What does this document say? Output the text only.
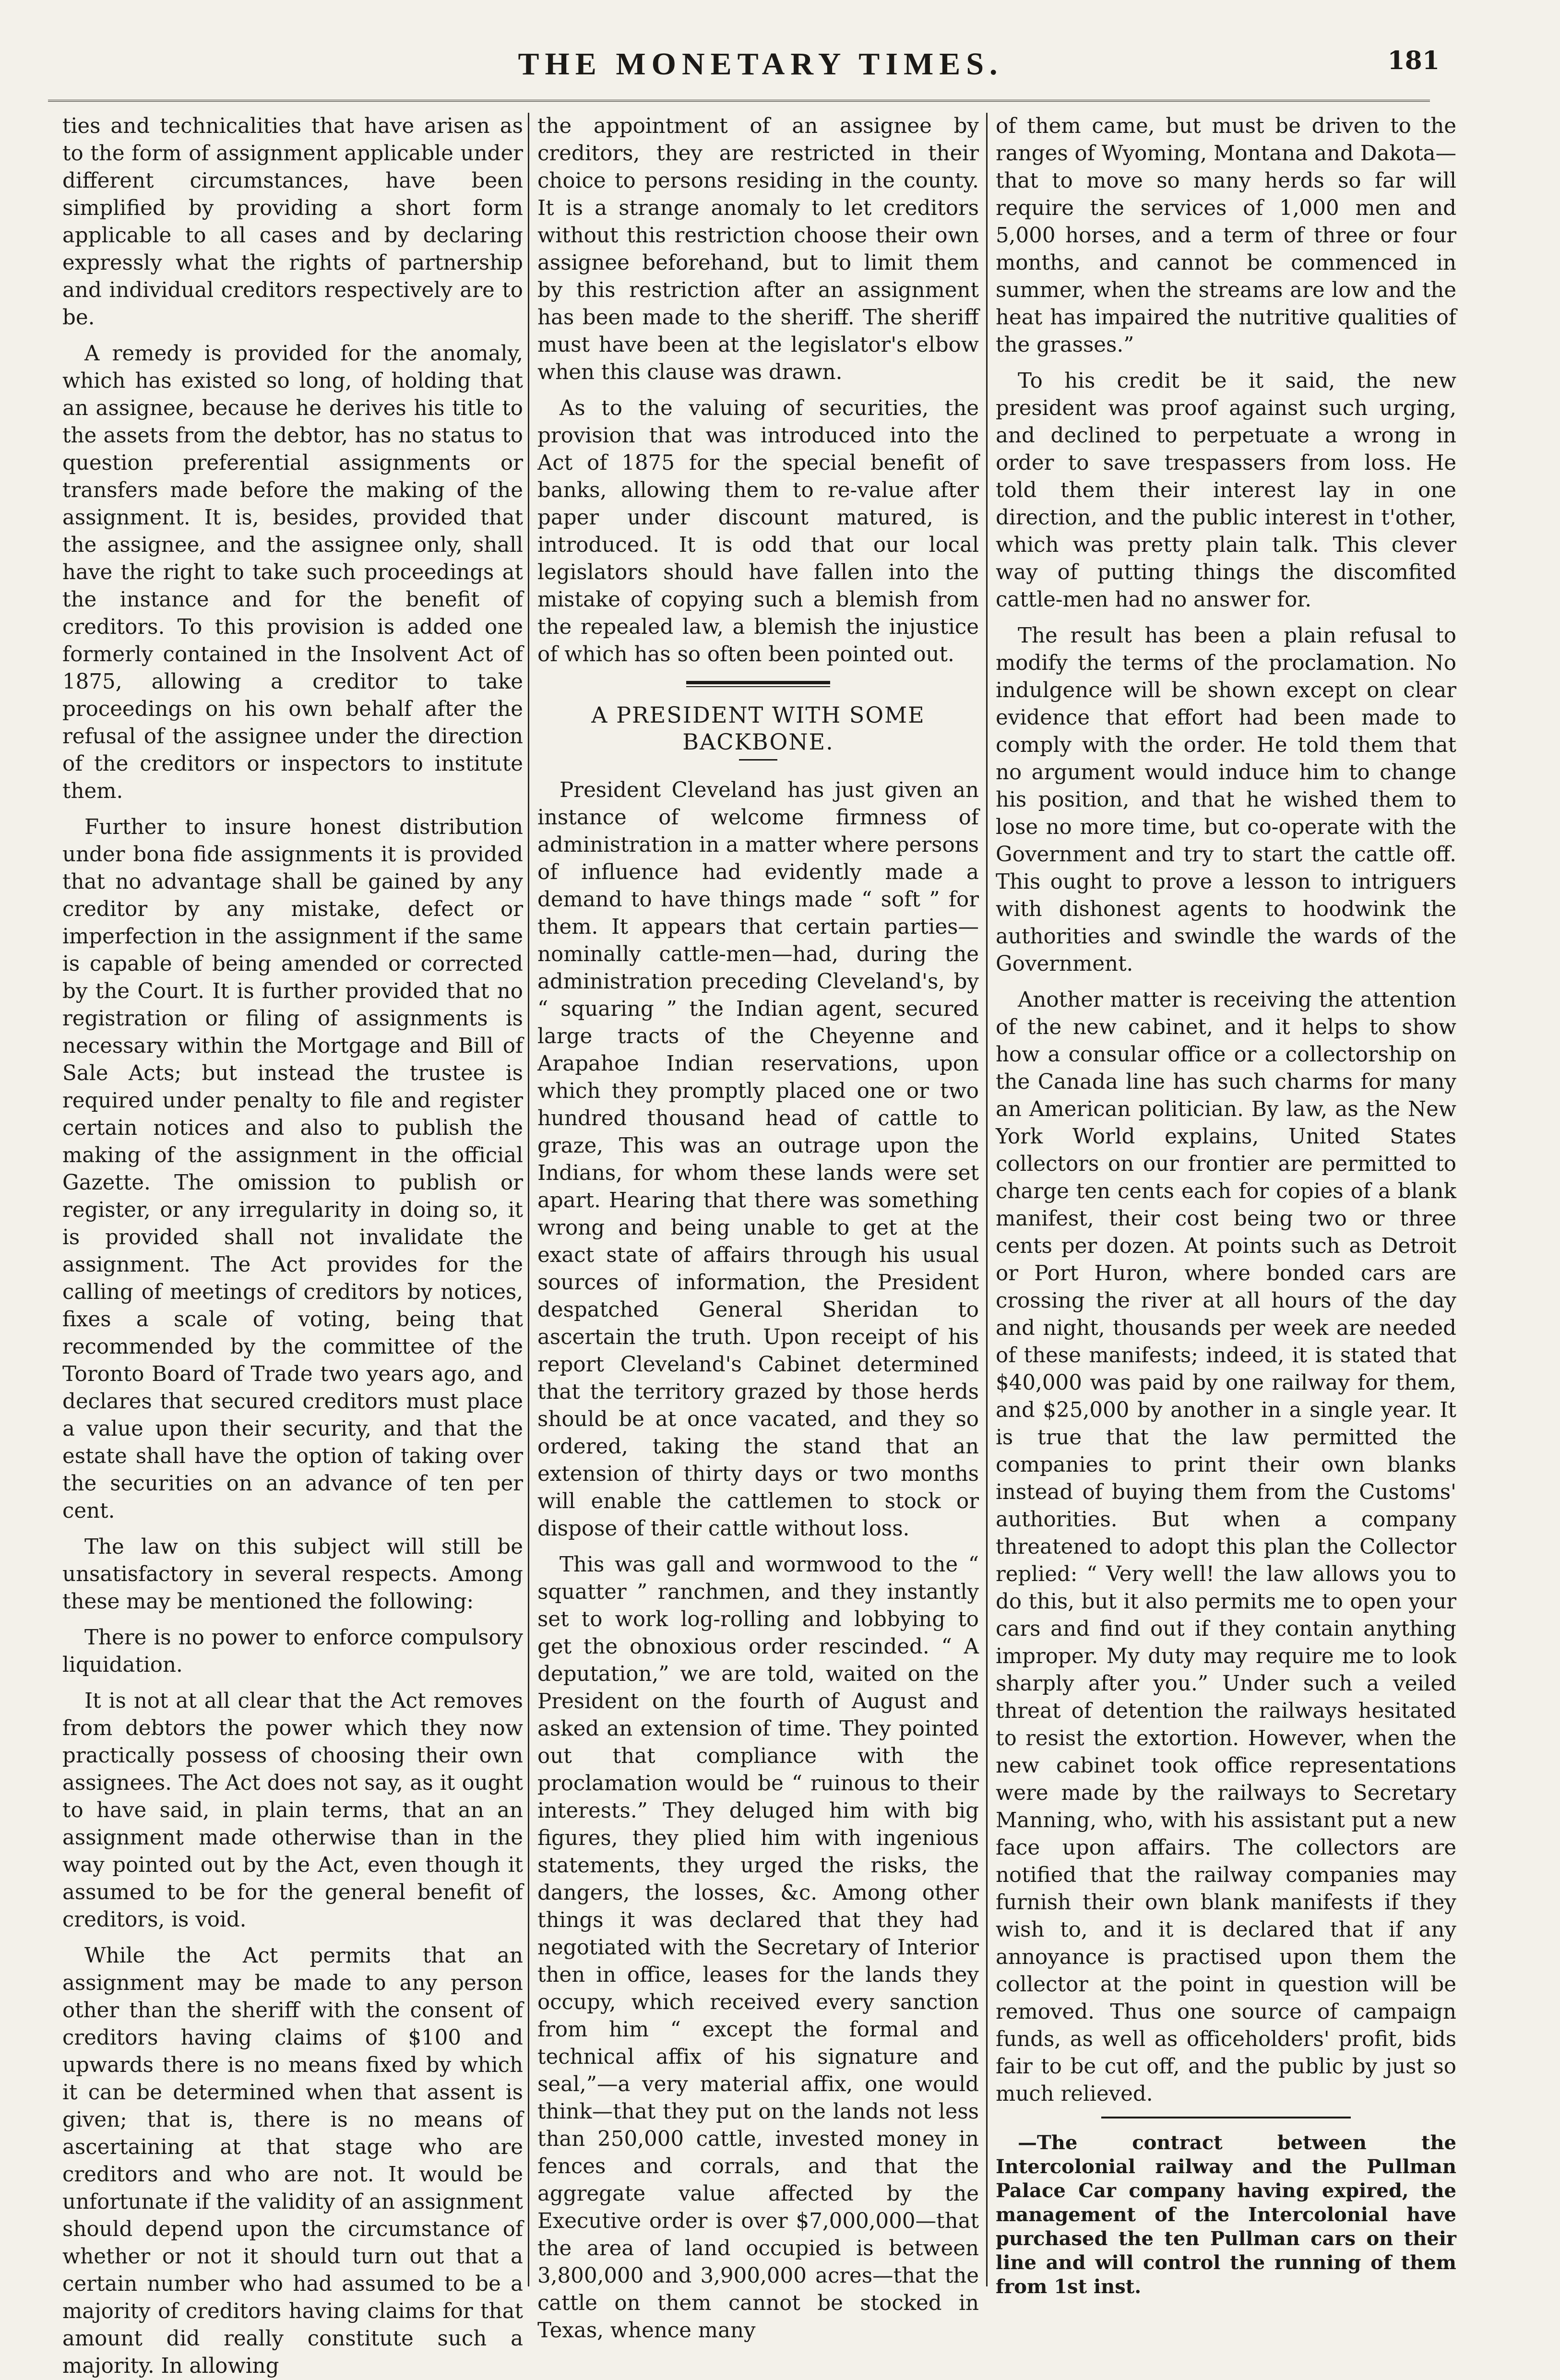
THE MONETARY TIMES.	181

ties and technicalities that have arisen as to the form of assignment applicable under different circumstances, have been simplified by providing a short form applicable to all cases and by declaring expressly what the rights of partnership and individual creditors respectively are to be.

A remedy is provided for the anomaly, which has existed so long, of holding that an assignee, because he derives his title to the assets from the debtor, has no status to question preferential assignments or transfers made before the making of the assignment. It is, besides, provided that the assignee, and the assignee only, shall have the right to take such proceedings at the instance and for the benefit of creditors. To this provision is added one formerly contained in the Insolvent Act of 1875, allowing a creditor to take proceedings on his own behalf after the refusal of the assignee under the direction of the creditors or inspectors to institute them.

Further to insure honest distribution under bona fide assignments it is provided that no advantage shall be gained by any creditor by any mistake, defect or imperfection in the assignment if the same is capable of being amended or corrected by the Court. It is further provided that no registration or filing of assignments is necessary within the Mortgage and Bill of Sale Acts; but instead the trustee is required under penalty to file and register certain notices and also to publish the making of the assignment in the official Gazette. The omission to publish or register, or any irregularity in doing so, it is provided shall not invalidate the assignment. The Act provides for the calling of meetings of creditors by notices, fixes a scale of voting, being that recommended by the committee of the Toronto Board of Trade two years ago, and declares that secured creditors must place a value upon their security, and that the estate shall have the option of taking over the securities on an advance of ten per cent.

The law on this subject will still be unsatisfactory in several respects. Among these may be mentioned the following:

There is no power to enforce compulsory liquidation.

It is not at all clear that the Act removes from debtors the power which they now practically possess of choosing their own assignees. The Act does not say, as it ought to have said, in plain terms, that an an assignment made otherwise than in the way pointed out by the Act, even though it assumed to be for the general benefit of creditors, is void.

While the Act permits that an assignment may be made to any person other than the sheriff with the consent of creditors having claims of $100 and upwards there is no means fixed by which it can be determined when that assent is given; that is, there is no means of ascertaining at that stage who are creditors and who are not. It would be unfortunate if the validity of an assignment should depend upon the circumstance of whether or not it should turn out that a certain number who had assumed to be a majority of creditors having claims for that amount did really constitute such a majority. In allowing

the appointment of an assignee by creditors, they are restricted in their choice to persons residing in the county. It is a strange anomaly to let creditors without this restriction choose their own assignee beforehand, but to limit them by this restriction after an assignment has been made to the sheriff. The sheriff must have been at the legislator's elbow when this clause was drawn.

As to the valuing of securities, the provision that was introduced into the Act of 1875 for the special benefit of banks, allowing them to re-value after paper under discount matured, is introduced. It is odd that our local legislators should have fallen into the mistake of copying such a blemish from the repealed law, a blemish the injustice of which has so often been pointed out.

A PRESIDENT WITH SOME BACKBONE.

President Cleveland has just given an instance of welcome firmness of administration in a matter where persons of influence had evidently made a demand to have things made “ soft ” for them. It appears that certain parties—nominally cattle-men—had, during the administration preceding Cleveland's, by “ squaring ” the Indian agent, secured large tracts of the Cheyenne and Arapahoe Indian reservations, upon which they promptly placed one or two hundred thousand head of cattle to graze, This was an outrage upon the Indians, for whom these lands were set apart. Hearing that there was something wrong and being unable to get at the exact state of affairs through his usual sources of information, the President despatched General Sheridan to ascertain the truth. Upon receipt of his report Cleveland's Cabinet determined that the territory grazed by those herds should be at once vacated, and they so ordered, taking the stand that an extension of thirty days or two months will enable the cattlemen to stock or dispose of their cattle without loss.

This was gall and wormwood to the “ squatter ” ranchmen, and they instantly set to work log-rolling and lobbying to get the obnoxious order rescinded. “ A deputation,” we are told, waited on the President on the fourth of August and asked an extension of time. They pointed out that compliance with the proclamation would be “ ruinous to their interests.” They deluged him with big figures, they plied him with ingenious statements, they urged the risks, the dangers, the losses, &c. Among other things it was declared that they had negotiated with the Secretary of Interior then in office, leases for the lands they occupy, which received every sanction from him “ except the formal and technical affix of his signature and seal,”—a very material affix, one would think—that they put on the lands not less than 250,000 cattle, invested money in fences and corrals, and that the aggregate value affected by the Executive order is over $7,000,000—that the area of land occupied is between 3,800,000 and 3,900,000 acres—that the cattle on them cannot be stocked in Texas, whence many

of them came, but must be driven to the ranges of Wyoming, Montana and Dakota—that to move so many herds so far will require the services of 1,000 men and 5,000 horses, and a term of three or four months, and cannot be commenced in summer, when the streams are low and the heat has impaired the nutritive qualities of the grasses.”

To his credit be it said, the new president was proof against such urging, and declined to perpetuate a wrong in order to save trespassers from loss. He told them their interest lay in one direction, and the public interest in t'other, which was pretty plain talk. This clever way of putting things the discomfited cattle-men had no answer for.

The result has been a plain refusal to modify the terms of the proclamation. No indulgence will be shown except on clear evidence that effort had been made to comply with the order. He told them that no argument would induce him to change his position, and that he wished them to lose no more time, but co-operate with the Government and try to start the cattle off. This ought to prove a lesson to intriguers with dishonest agents to hoodwink the authorities and swindle the wards of the Government.

Another matter is receiving the attention of the new cabinet, and it helps to show how a consular office or a collectorship on the Canada line has such charms for many an American politician. By law, as the New York World explains, United States collectors on our frontier are permitted to charge ten cents each for copies of a blank manifest, their cost being two or three cents per dozen. At points such as Detroit or Port Huron, where bonded cars are crossing the river at all hours of the day and night, thousands per week are needed of these manifests; indeed, it is stated that $40,000 was paid by one railway for them, and $25,000 by another in a single year. It is true that the law permitted the companies to print their own blanks instead of buying them from the Customs' authorities. But when a company threatened to adopt this plan the Collector replied: “ Very well! the law allows you to do this, but it also permits me to open your cars and find out if they contain anything improper. My duty may require me to look sharply after you.” Under such a veiled threat of detention the railways hesitated to resist the extortion. However, when the new cabinet took office representations were made by the railways to Secretary Manning, who, with his assistant put a new face upon affairs. The collectors are notified that the railway companies may furnish their own blank manifests if they wish to, and it is declared that if any annoyance is practised upon them the collector at the point in question will be removed. Thus one source of campaign funds, as well as officeholders' profit, bids fair to be cut off, and the public by just so much relieved.

—The contract between the Intercolonial railway and the Pullman Palace Car company having expired, the management of the Intercolonial have purchased the ten Pullman cars on their line and will control the running of them from 1st inst.
